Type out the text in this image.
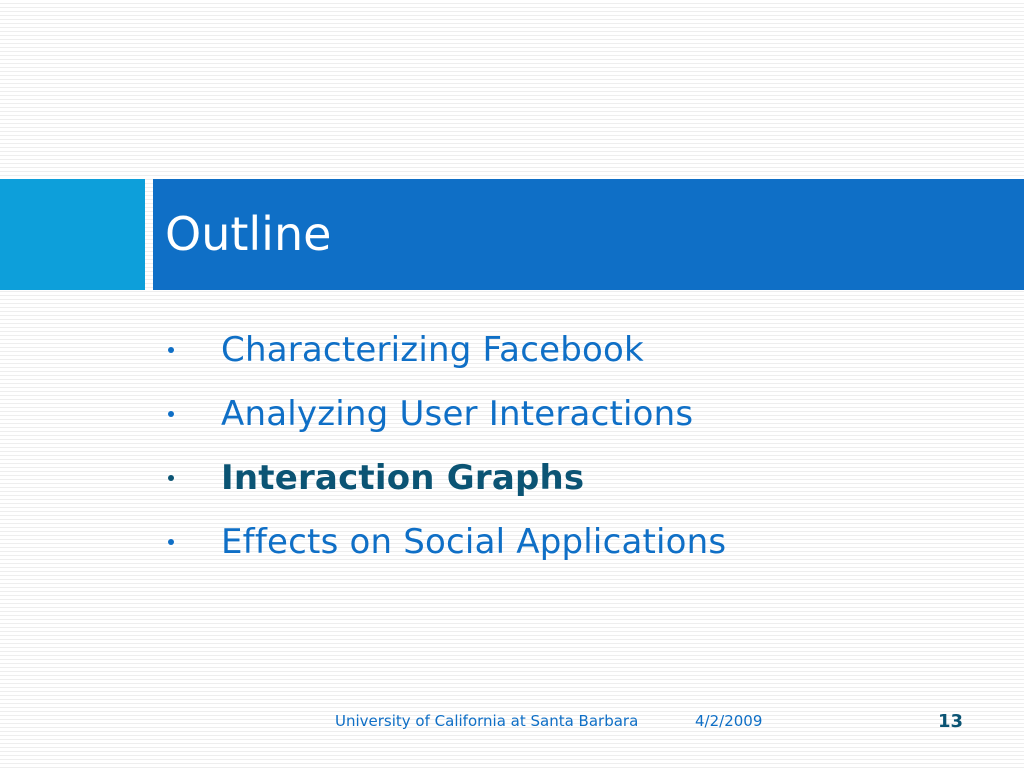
Outline
Characterizing Facebook
Analyzing User Interactions
Interaction Graphs
Effects on Social Applications
University of California at Santa Barbara	4/2/2009	13
